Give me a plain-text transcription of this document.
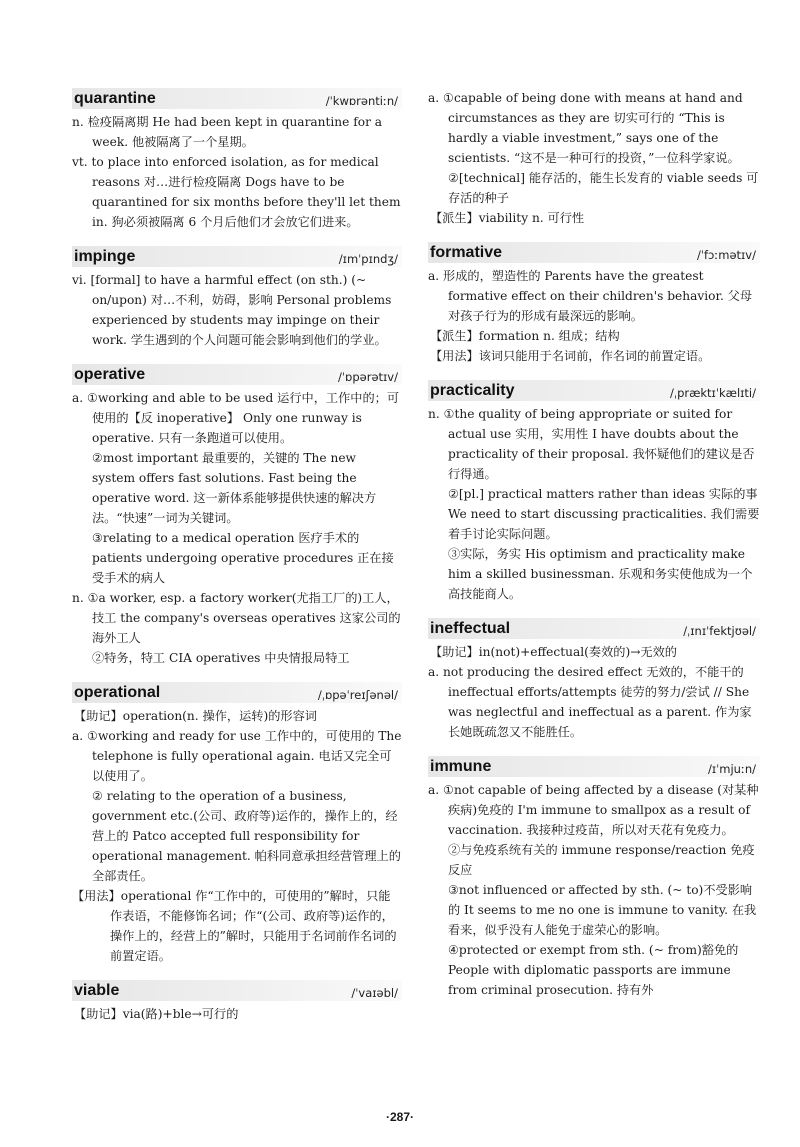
quarantine	/ˈkwɒrəntiːn/

n. 检疫隔离期 He had been kept in quarantine for a week. 他被隔离了一个星期。

vt. to place into enforced isolation, as for medical reasons 对…进行检疫隔离 Dogs have to be quarantined for six months before they'll let them in. 狗必须被隔离 6 个月后他们才会放它们进来。

impinge	/ɪmˈpɪndʒ/

vi. [formal] to have a harmful effect (on sth.) (~ on/upon) 对…不利，妨碍，影响 Personal problems experienced by students may impinge on their work. 学生遇到的个人问题可能会影响到他们的学业。

operative	/ˈɒpərətɪv/

a. ①working and able to be used 运行中，工作中的；可使用的【反 inoperative】 Only one runway is operative. 只有一条跑道可以使用。

②most important 最重要的，关键的 The new system offers fast solutions. Fast being the operative word. 这一新体系能够提供快速的解决方法。“快速”一词为关键词。

③relating to a medical operation 医疗手术的 patients undergoing operative procedures 正在接受手术的病人

n. ①a worker, esp. a factory worker(尤指工厂的)工人，技工 the company's overseas operatives 这家公司的海外工人

②特务，特工 CIA operatives 中央情报局特工

operational	/ˌɒpəˈreɪʃənəl/

【助记】operation(n. 操作，运转)的形容词

a. ①working and ready for use 工作中的，可使用的 The telephone is fully operational again. 电话又完全可以使用了。

② relating to the operation of a business, government etc.(公司、政府等)运作的，操作上的，经营上的 Patco accepted full responsibility for operational management. 帕科同意承担经营管理上的全部责任。

【用法】operational 作“工作中的，可使用的”解时，只能作表语，不能修饰名词；作“(公司、政府等)运作的，操作上的，经营上的”解时，只能用于名词前作名词的前置定语。

viable	/ˈvaɪəbl/

【助记】via(路)+ble→可行的

a. ①capable of being done with means at hand and circumstances as they are 切实可行的 “This is hardly a viable investment,” says one of the scientists. “这不是一种可行的投资，”一位科学家说。

②[technical] 能存活的，能生长发育的 viable seeds 可存活的种子

【派生】viability n. 可行性

formative	/ˈfɔːmətɪv/

a. 形成的，塑造性的 Parents have the greatest formative effect on their children's behavior. 父母对孩子行为的形成有最深远的影响。

【派生】formation n. 组成；结构

【用法】该词只能用于名词前，作名词的前置定语。

practicality	/ˌpræktɪˈkælɪti/

n. ①the quality of being appropriate or suited for actual use 实用，实用性 I have doubts about the practicality of their proposal. 我怀疑他们的建议是否行得通。

②[pl.] practical matters rather than ideas 实际的事 We need to start discussing practicalities. 我们需要着手讨论实际问题。

③实际，务实 His optimism and practicality make him a skilled businessman. 乐观和务实使他成为一个高技能商人。

ineffectual	/ˌɪnɪˈfektjʊəl/

【助记】in(not)+effectual(奏效的)→无效的

a. not producing the desired effect 无效的，不能干的 ineffectual efforts/attempts 徒劳的努力/尝试 // She was neglectful and ineffectual as a parent. 作为家长她既疏忽又不能胜任。

immune	/ɪˈmjuːn/

a. ①not capable of being affected by a disease (对某种疾病)免疫的 I'm immune to smallpox as a result of vaccination. 我接种过疫苗，所以对天花有免疫力。

②与免疫系统有关的 immune response/reaction 免疫反应

③not influenced or affected by sth. (~ to)不受影响的 It seems to me no one is immune to vanity. 在我看来，似乎没有人能免于虚荣心的影响。

④protected or exempt from sth. (~ from)豁免的 People with diplomatic passports are immune from criminal prosecution. 持有外

·287·
